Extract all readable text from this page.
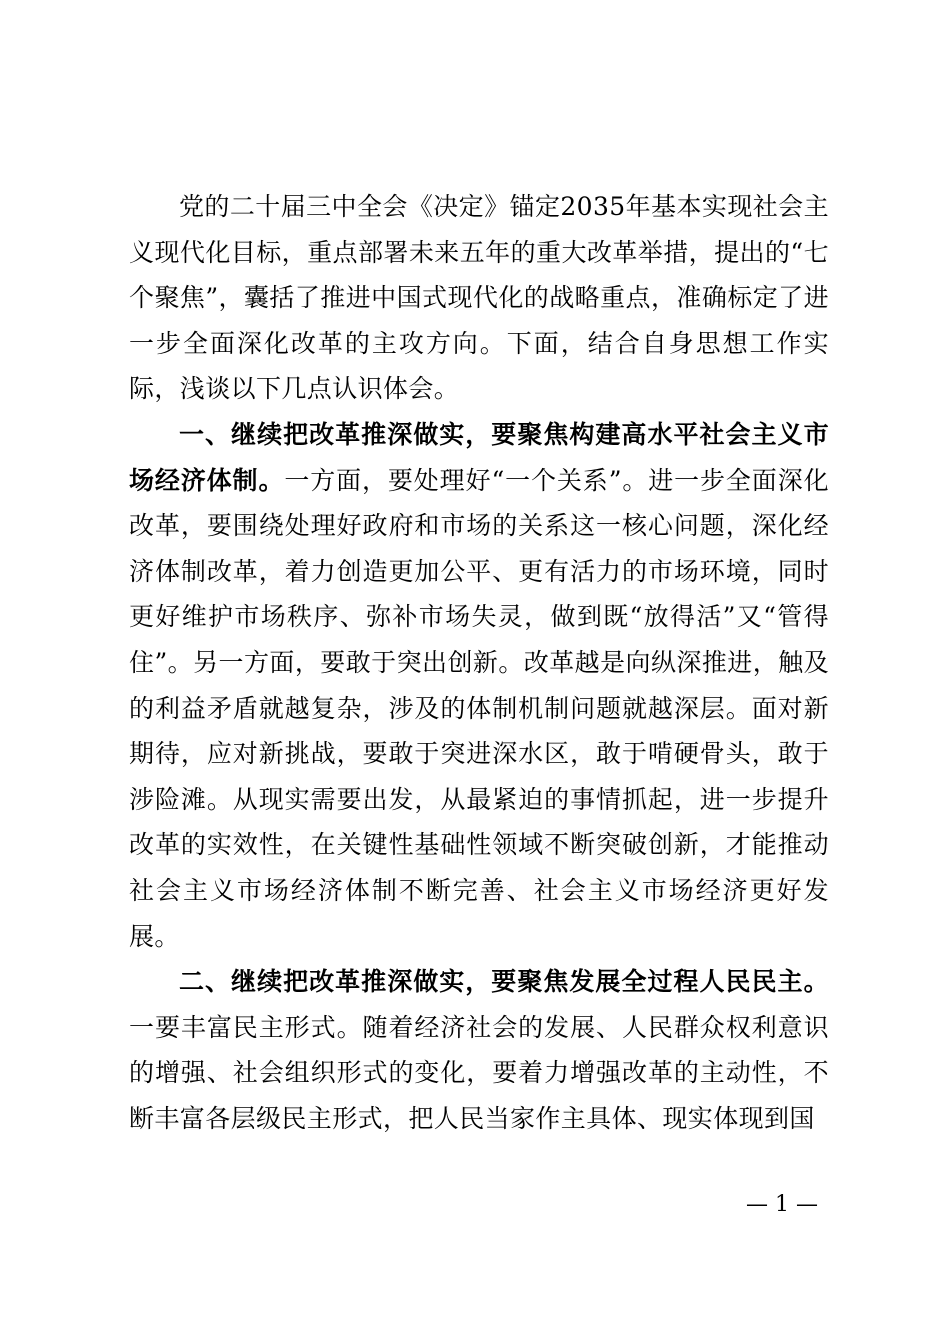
党的二十届三中全会《决定》锚定2035年基本实现社会主义现代化目标，重点部署未来五年的重大改革举措，提出的“七个聚焦”，囊括了推进中国式现代化的战略重点，准确标定了进一步全面深化改革的主攻方向。下面，结合自身思想工作实际，浅谈以下几点认识体会。

一、继续把改革推深做实，要聚焦构建高水平社会主义市场经济体制。一方面，要处理好“一个关系”。进一步全面深化改革，要围绕处理好政府和市场的关系这一核心问题，深化经济体制改革，着力创造更加公平、更有活力的市场环境，同时更好维护市场秩序、弥补市场失灵，做到既“放得活”又“管得住”。另一方面，要敢于突出创新。改革越是向纵深推进，触及的利益矛盾就越复杂，涉及的体制机制问题就越深层。面对新期待，应对新挑战，要敢于突进深水区，敢于啃硬骨头，敢于涉险滩。从现实需要出发，从最紧迫的事情抓起，进一步提升改革的实效性，在关键性基础性领域不断突破创新，才能推动社会主义市场经济体制不断完善、社会主义市场经济更好发展。

二、继续把改革推深做实，要聚焦发展全过程人民民主。一要丰富民主形式。随着经济社会的发展、人民群众权利意识的增强、社会组织形式的变化，要着力增强改革的主动性，不断丰富各层级民主形式，把人民当家作主具体、现实体现到国

— 1 —
